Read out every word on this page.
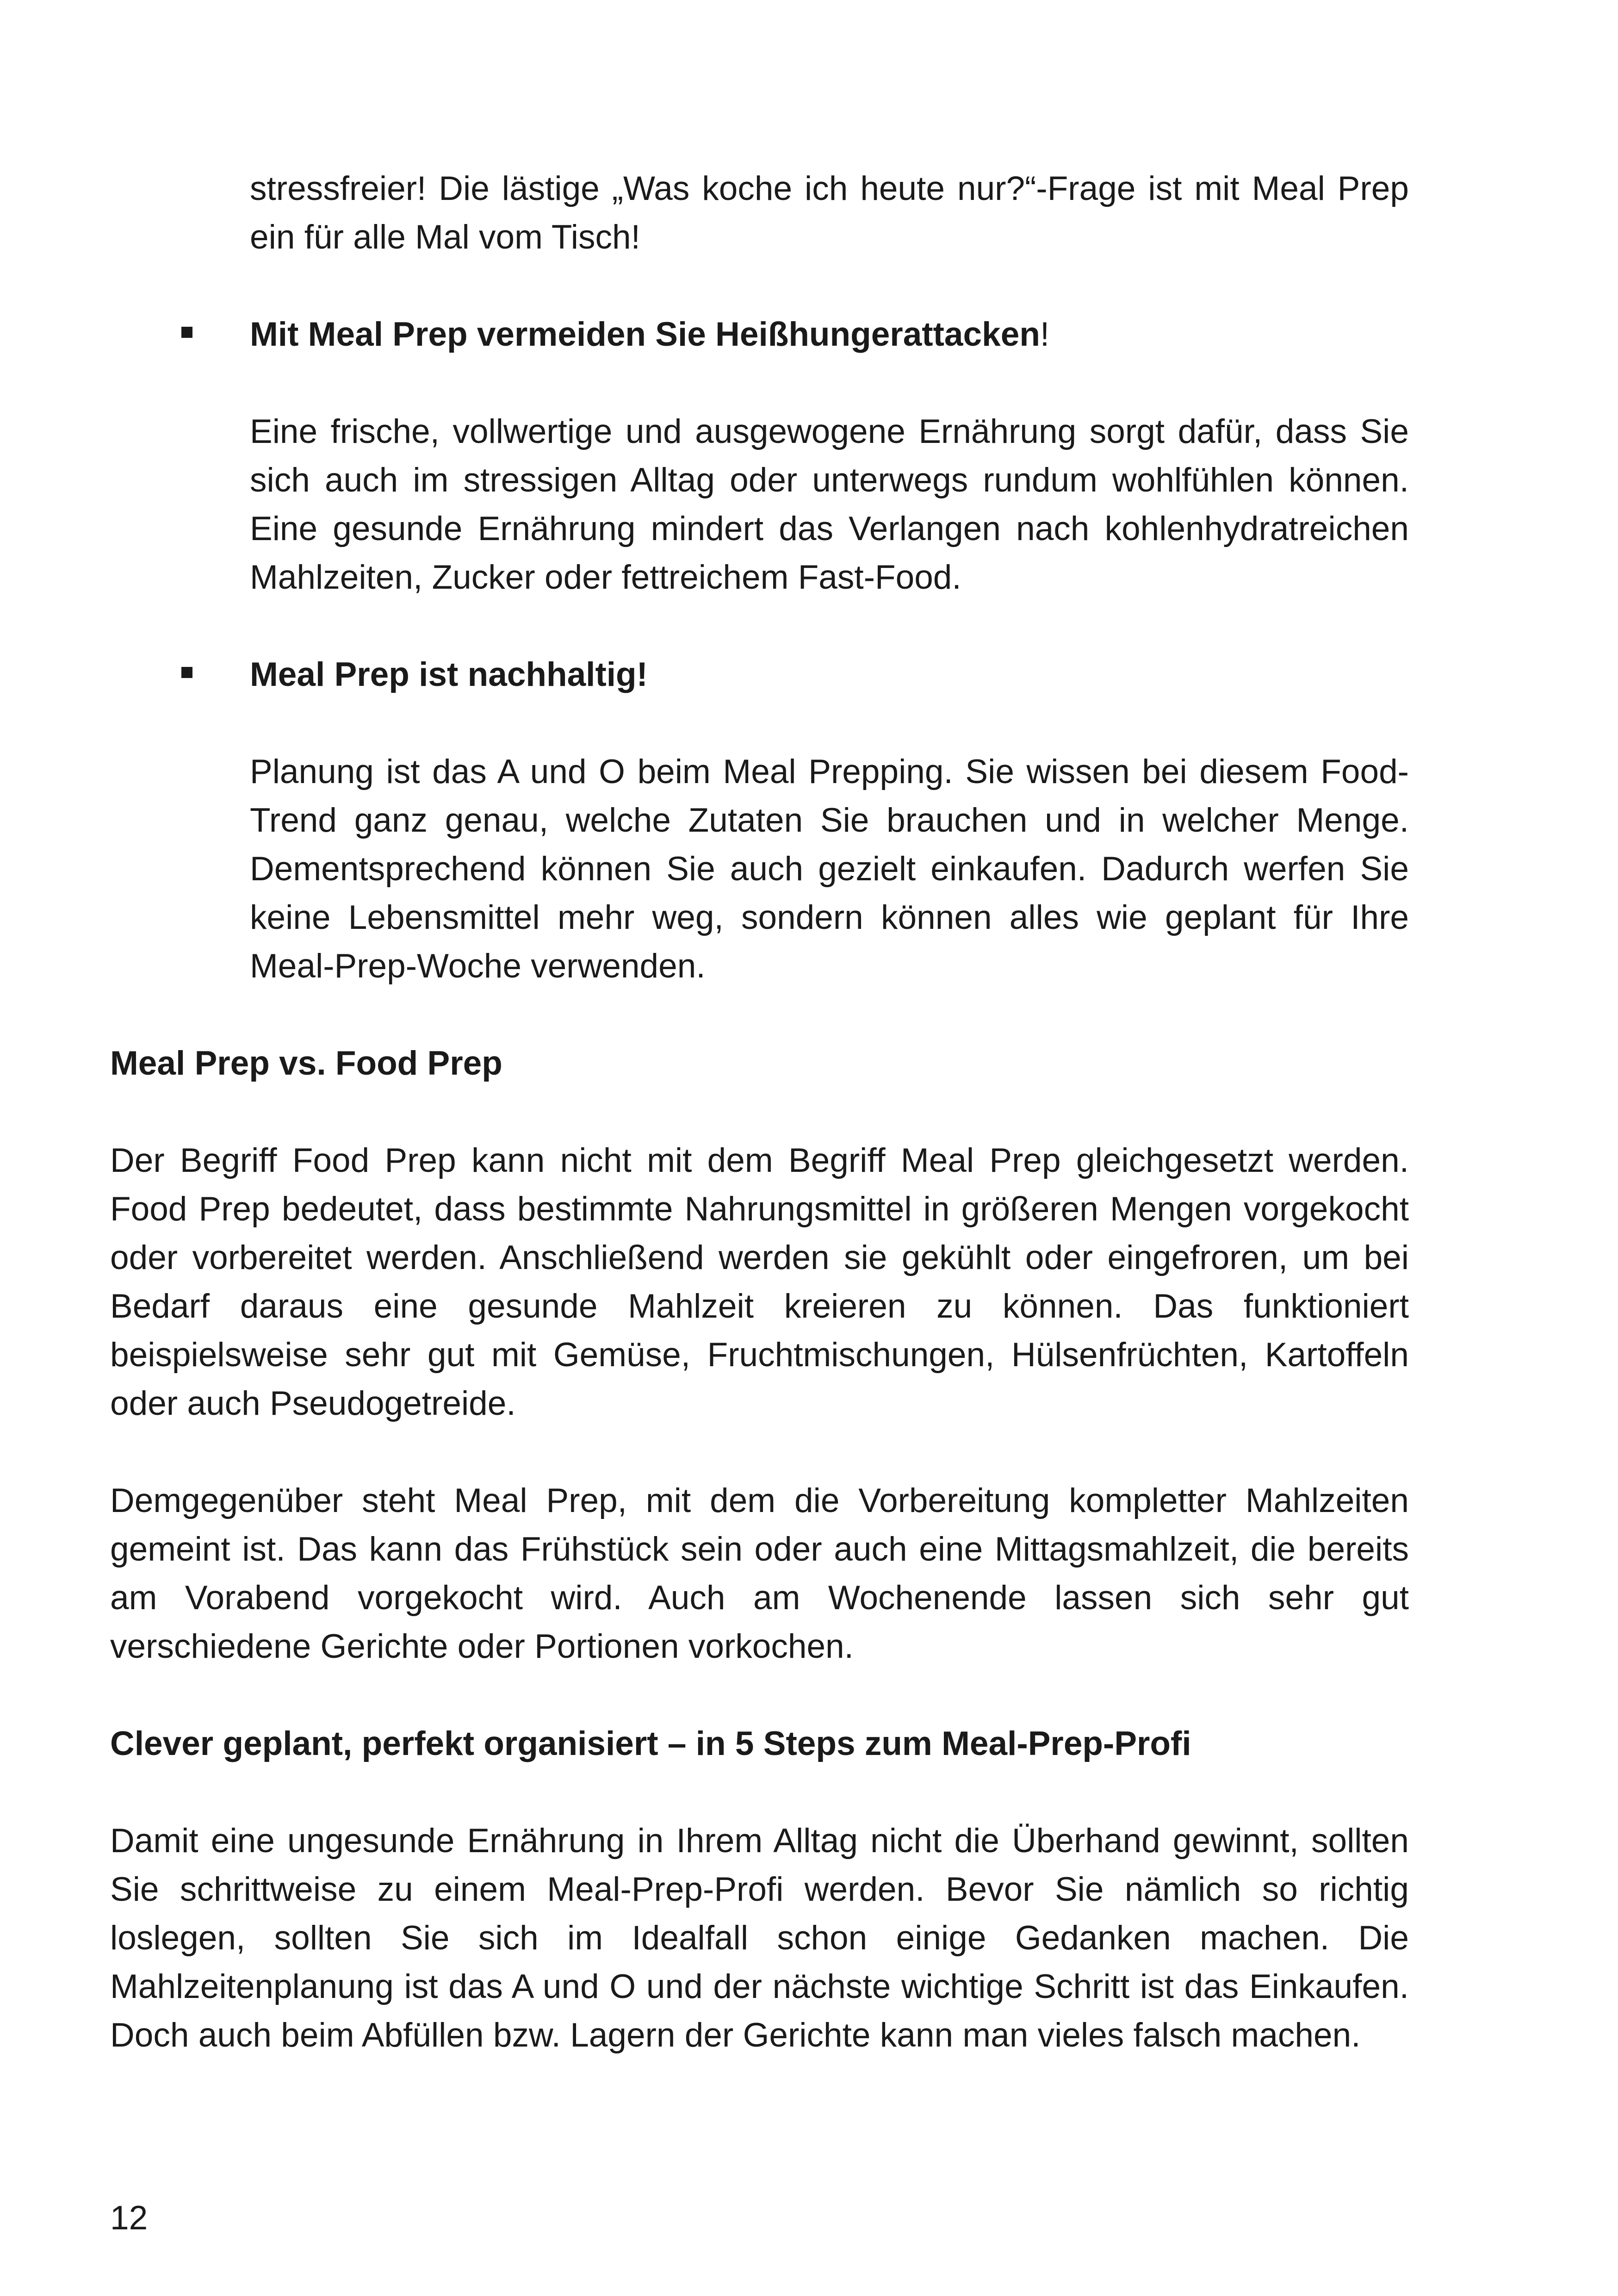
stressfreier! Die lästige „Was koche ich heute nur?“-Frage ist mit Meal Prep ein für alle Mal vom Tisch!

Mit Meal Prep vermeiden Sie Heißhungerattacken!

Eine frische, vollwertige und ausgewogene Ernährung sorgt dafür, dass Sie sich auch im stressigen Alltag oder unterwegs rundum wohlfühlen können. Eine gesunde Ernährung mindert das Verlangen nach kohlenhydratreichen Mahlzeiten, Zucker oder fettreichem Fast-Food.

Meal Prep ist nachhaltig!

Planung ist das A und O beim Meal Prepping. Sie wissen bei diesem Food-Trend ganz genau, welche Zutaten Sie brauchen und in welcher Menge. Dementsprechend können Sie auch gezielt einkaufen. Dadurch werfen Sie keine Lebensmittel mehr weg, sondern können alles wie geplant für Ihre Meal-Prep-Woche verwenden.

Meal Prep vs. Food Prep

Der Begriff Food Prep kann nicht mit dem Begriff Meal Prep gleichgesetzt werden. Food Prep bedeutet, dass bestimmte Nahrungsmittel in größeren Mengen vorgekocht oder vorbereitet werden. Anschließend werden sie gekühlt oder eingefroren, um bei Bedarf daraus eine gesunde Mahlzeit kreieren zu können. Das funktioniert beispielsweise sehr gut mit Gemüse, Fruchtmischungen, Hülsenfrüchten, Kartoffeln oder auch Pseudogetreide.

Demgegenüber steht Meal Prep, mit dem die Vorbereitung kompletter Mahlzeiten gemeint ist. Das kann das Frühstück sein oder auch eine Mittagsmahlzeit, die bereits am Vorabend vorgekocht wird. Auch am Wochenende lassen sich sehr gut verschiedene Gerichte oder Portionen vorkochen.

Clever geplant, perfekt organisiert – in 5 Steps zum Meal-Prep-Profi

Damit eine ungesunde Ernährung in Ihrem Alltag nicht die Überhand gewinnt, sollten Sie schrittweise zu einem Meal-Prep-Profi werden. Bevor Sie nämlich so richtig loslegen, sollten Sie sich im Idealfall schon einige Gedanken machen. Die Mahlzeitenplanung ist das A und O und der nächste wichtige Schritt ist das Einkaufen. Doch auch beim Abfüllen bzw. Lagern der Gerichte kann man vieles falsch machen.

12
